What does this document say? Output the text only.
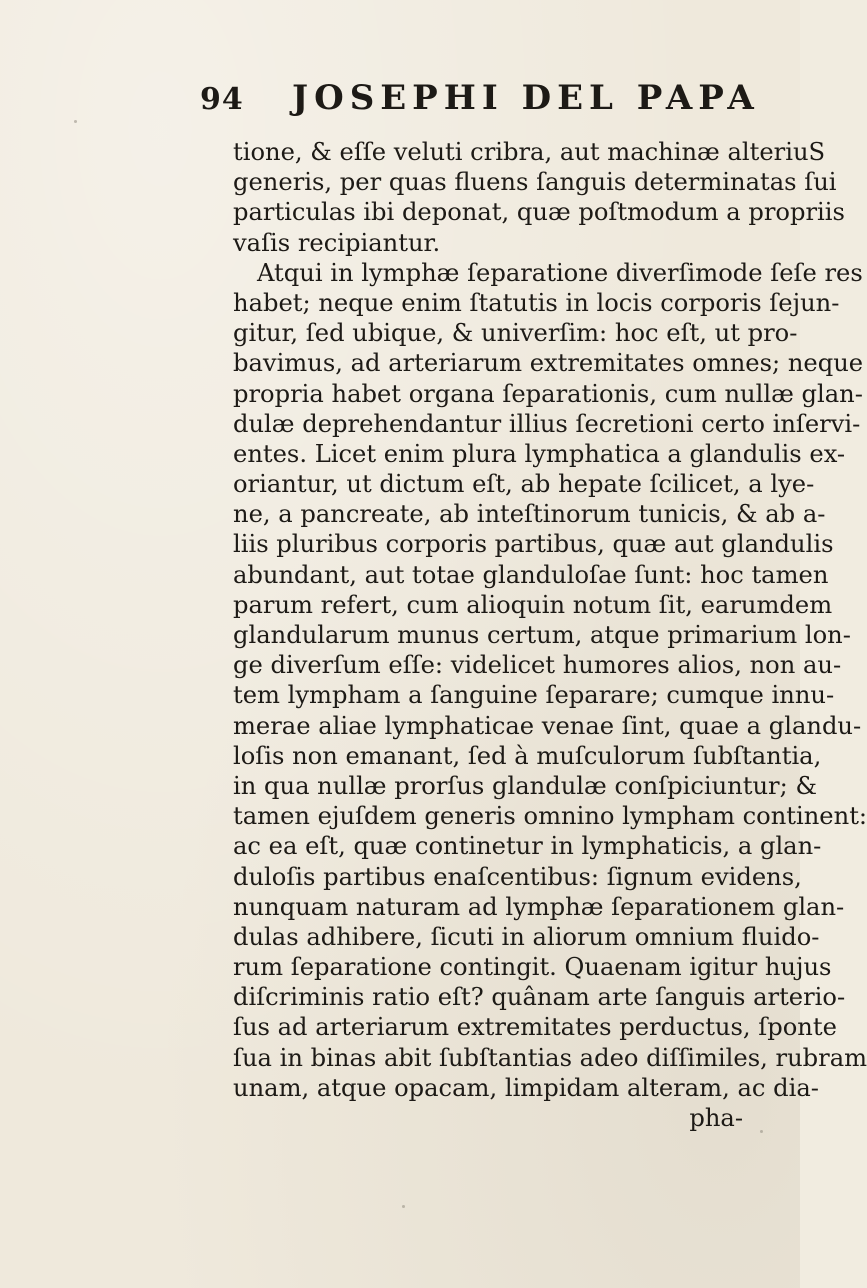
94 JOSEPHI DEL PAPA
tione, & eſſe veluti cribra, aut machinæ alteriuS
generis, per quas fluens ſanguis determinatas ſui
particulas ibi deponat, quæ poſtmodum a propriis
vaſis recipiantur.
Atqui in lymphæ ſeparatione diverſimode ſeſe res
habet; neque enim ſtatutis in locis corporis ſejun-
gitur, ſed ubique, & univerſim: hoc eſt, ut pro-
bavimus, ad arteriarum extremitates omnes; neque
propria habet organa ſeparationis, cum nullæ glan-
dulæ deprehendantur illius ſecretioni certo inſervi-
entes. Licet enim plura lymphatica a glandulis ex-
oriantur, ut dictum eſt, ab hepate ſcilicet, a lye-
ne, a pancreate, ab inteſtinorum tunicis, & ab a-
liis pluribus corporis partibus, quæ aut glandulis
abundant, aut totae glanduloſae ſunt: hoc tamen
parum refert, cum alioquin notum ſit, earumdem
glandularum munus certum, atque primarium lon-
ge diverſum eſſe: videlicet humores alios, non au-
tem lympham a ſanguine ſeparare; cumque innu-
merae aliae lymphaticae venae ſint, quae a glandu-
loſis non emanant, ſed à muſculorum ſubſtantia,
in qua nullæ prorſus glandulæ conſpiciuntur; &
tamen ejuſdem generis omnino lympham continent:
ac ea eſt, quæ continetur in lymphaticis, a glan-
duloſis partibus enaſcentibus: ſignum evidens,
nunquam naturam ad lymphæ ſeparationem glan-
dulas adhibere, ſicuti in aliorum omnium fluido-
rum ſeparatione contingit. Quaenam igitur hujus
diſcriminis ratio eſt? quânam arte ſanguis arterio-
ſus ad arteriarum extremitates perductus, ſponte
ſua in binas abit ſubſtantias adeo diſſimiles, rubram
unam, atque opacam, limpidam alteram, ac dia-
pha-
